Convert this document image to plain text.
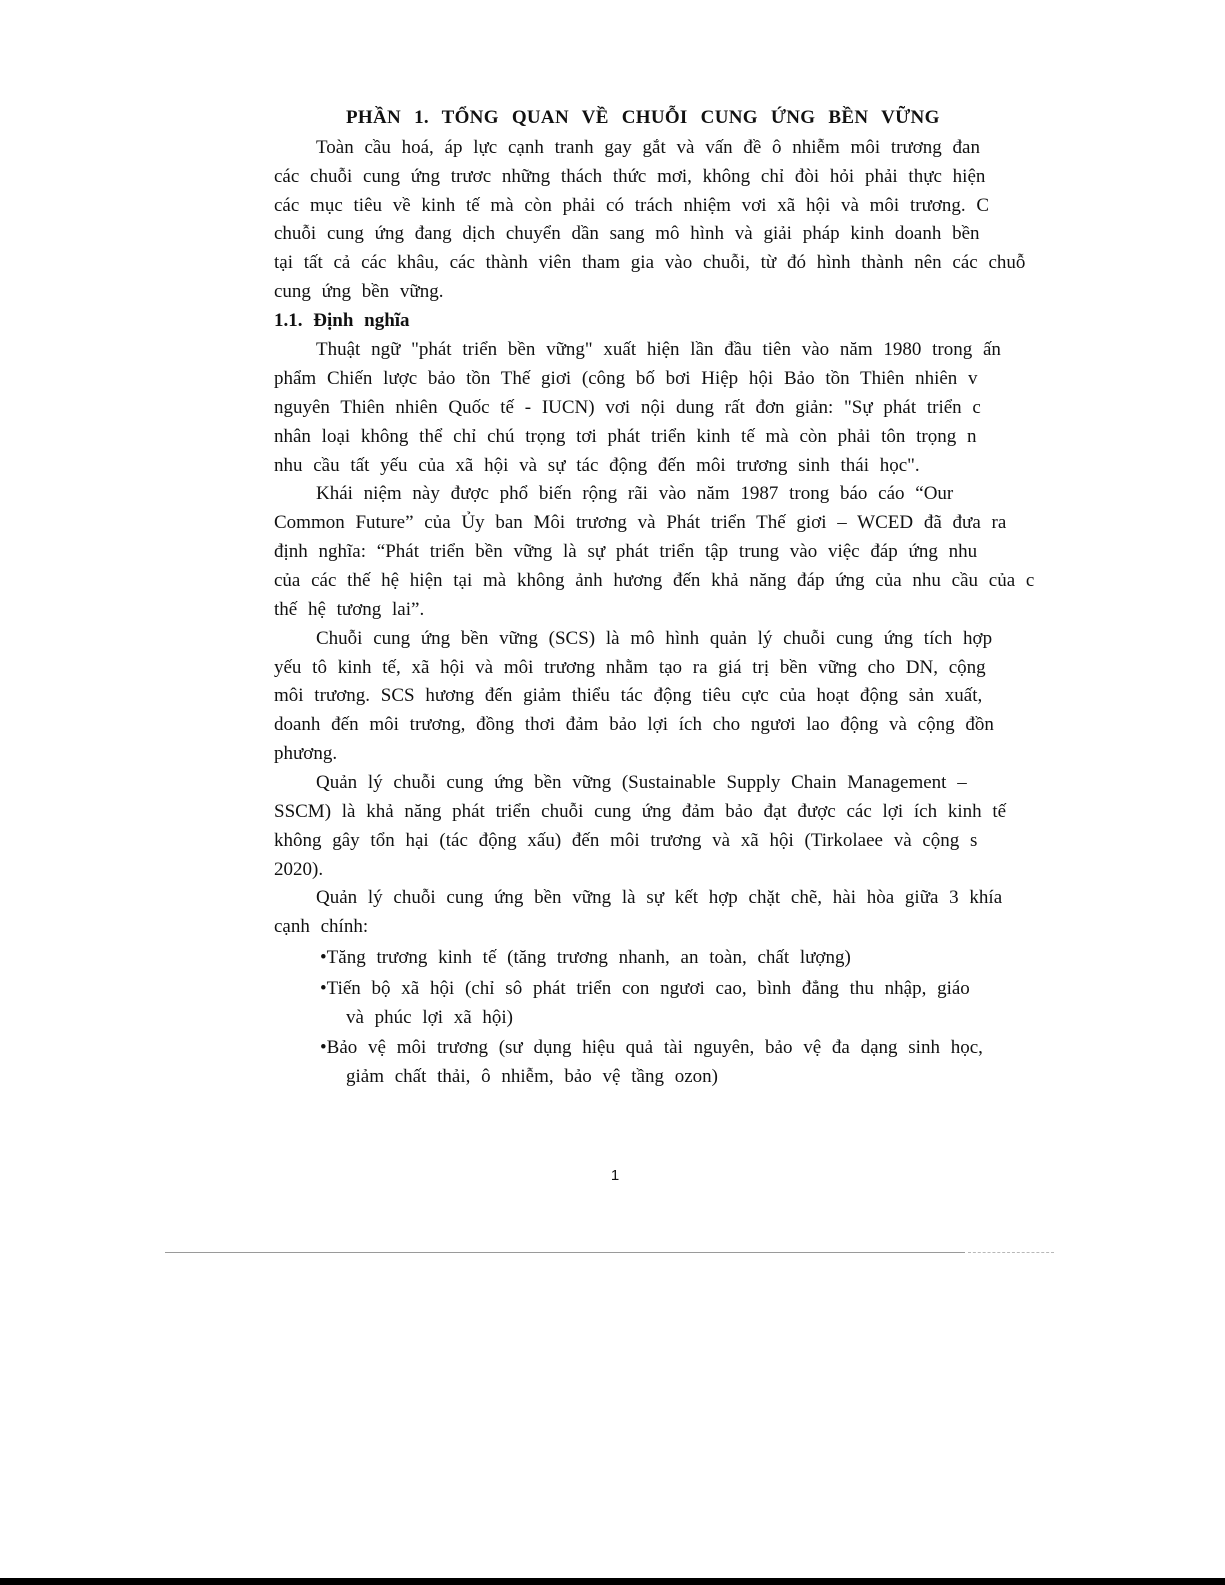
PHẦN 1. TỔNG QUAN VỀ CHUỖI CUNG ỨNG BỀN VỮNG
Toàn cầu hoá, áp lực cạnh tranh gay gắt và vấn đề ô nhiễm môi trương đan
các chuỗi cung ứng trươc những thách thức mơi, không chỉ đòi hỏi phải thực hiện
các mục tiêu về kinh tế mà còn phải có trách nhiệm vơi xã hội và môi trương. C
chuỗi cung ứng đang dịch chuyển dần sang mô hình và giải pháp kinh doanh bền
tại tất cả các khâu, các thành viên tham gia vào chuỗi, từ đó hình thành nên các chuỗ
cung ứng bền vững.
1.1. Định nghĩa
Thuật ngữ "phát triển bền vững" xuất hiện lần đầu tiên vào năm 1980 trong ấn
phẩm Chiến lược bảo tồn Thế giơi (công bố bơi Hiệp hội Bảo tồn Thiên nhiên v
nguyên Thiên nhiên Quốc tế - IUCN) vơi nội dung rất đơn giản: "Sự phát triển c
nhân loại không thể chỉ chú trọng tơi phát triển kinh tế mà còn phải tôn trọng n
nhu cầu tất yếu của xã hội và sự tác động đến môi trương sinh thái học".
Khái niệm này được phổ biến rộng rãi vào năm 1987 trong báo cáo “Our
Common Future” của Ủy ban Môi trương và Phát triển Thế giơi – WCED đã đưa ra
định nghĩa: “Phát triển bền vững là sự phát triển tập trung vào việc đáp ứng nhu
của các thế hệ hiện tại mà không ảnh hương đến khả năng đáp ứng của nhu cầu của c
thế hệ tương lai”.
Chuỗi cung ứng bền vững (SCS) là mô hình quản lý chuỗi cung ứng tích hợp
yếu tô kinh tế, xã hội và môi trương nhằm tạo ra giá trị bền vững cho DN, cộng
môi trương. SCS hương đến giảm thiểu tác động tiêu cực của hoạt động sản xuất,
doanh đến môi trương, đồng thơi đảm bảo lợi ích cho ngươi lao động và cộng đồn
phương.
Quản lý chuỗi cung ứng bền vững (Sustainable Supply Chain Management –
SSCM) là khả năng phát triển chuỗi cung ứng đảm bảo đạt được các lợi ích kinh tế
không gây tổn hại (tác động xấu) đến môi trương và xã hội (Tirkolaee và cộng s
2020).
Quản lý chuỗi cung ứng bền vững là sự kết hợp chặt chẽ, hài hòa giữa 3 khía
cạnh chính:
•Tăng trương kinh tế (tăng trương nhanh, an toàn, chất lượng)
•Tiến bộ xã hội (chỉ sô phát triển con ngươi cao, bình đẳng thu nhập, giáo
và phúc lợi xã hội)
•Bảo vệ môi trương (sư dụng hiệu quả tài nguyên, bảo vệ đa dạng sinh học,
giảm chất thải, ô nhiễm, bảo vệ tầng ozon)
1
